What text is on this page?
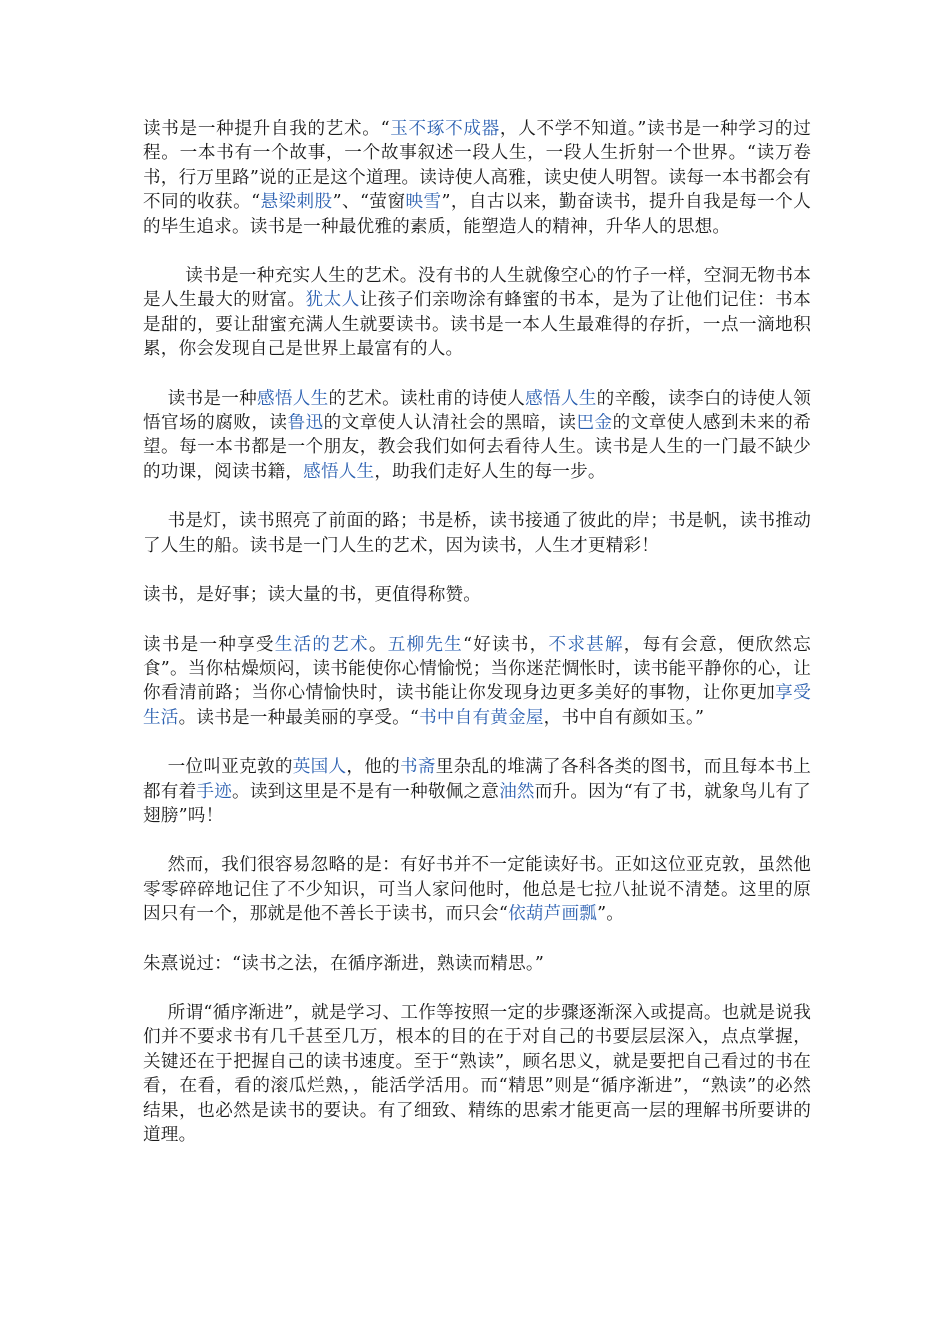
读书是一种提升自我的艺术。“玉不琢不成器，人不学不知道。”读书是一种学习的过程。一本书有一个故事，一个故事叙述一段人生，一段人生折射一个世界。“读万卷书，行万里路”说的正是这个道理。读诗使人高雅，读史使人明智。读每一本书都会有不同的收获。“悬梁刺股”、“萤窗映雪”，自古以来，勤奋读书，提升自我是每一个人的毕生追求。读书是一种最优雅的素质，能塑造人的精神，升华人的思想。

读书是一种充实人生的艺术。没有书的人生就像空心的竹子一样，空洞无物书本是人生最大的财富。犹太人让孩子们亲吻涂有蜂蜜的书本，是为了让他们记住：书本是甜的，要让甜蜜充满人生就要读书。读书是一本人生最难得的存折，一点一滴地积累，你会发现自己是世界上最富有的人。

读书是一种感悟人生的艺术。读杜甫的诗使人感悟人生的辛酸，读李白的诗使人领悟官场的腐败，读鲁迅的文章使人认清社会的黑暗，读巴金的文章使人感到未来的希望。每一本书都是一个朋友，教会我们如何去看待人生。读书是人生的一门最不缺少的功课，阅读书籍，感悟人生，助我们走好人生的每一步。

书是灯，读书照亮了前面的路；书是桥，读书接通了彼此的岸；书是帆，读书推动了人生的船。读书是一门人生的艺术，因为读书，人生才更精彩！

读书，是好事；读大量的书，更值得称赞。

读书是一种享受生活的艺术。五柳先生“好读书，不求甚解，每有会意，便欣然忘食”。当你枯燥烦闷，读书能使你心情愉悦；当你迷茫惆怅时，读书能平静你的心，让你看清前路；当你心情愉快时，读书能让你发现身边更多美好的事物，让你更加享受生活。读书是一种最美丽的享受。“书中自有黄金屋，书中自有颜如玉。”

一位叫亚克敦的英国人，他的书斋里杂乱的堆满了各科各类的图书，而且每本书上都有着手迹。读到这里是不是有一种敬佩之意油然而升。因为“有了书，就象鸟儿有了翅膀”吗！

然而，我们很容易忽略的是：有好书并不一定能读好书。正如这位亚克敦，虽然他零零碎碎地记住了不少知识，可当人家问他时，他总是七拉八扯说不清楚。这里的原因只有一个，那就是他不善长于读书，而只会“依葫芦画瓢”。

朱熹说过：“读书之法，在循序渐进，熟读而精思。”

所谓“循序渐进”，就是学习、工作等按照一定的步骤逐渐深入或提高。也就是说我们并不要求书有几千甚至几万，根本的目的在于对自己的书要层层深入，点点掌握，关键还在于把握自己的读书速度。至于“熟读”，顾名思义，就是要把自己看过的书在看，在看，看的滚瓜烂熟，，能活学活用。而“精思”则是“循序渐进”，“熟读”的必然结果，也必然是读书的要诀。有了细致、精练的思索才能更高一层的理解书所要讲的道理。
